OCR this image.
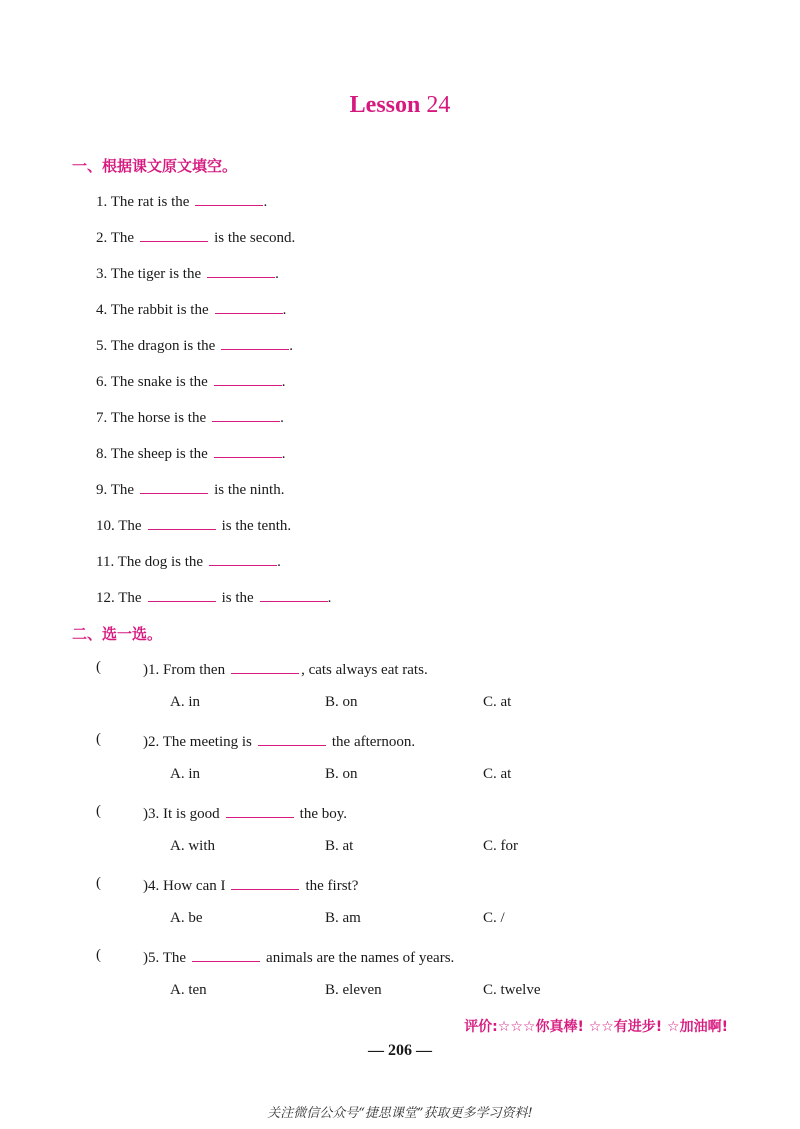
Lesson 24
一、根据课文原文填空。
1. The rat is the	.
2. The	is the second.
3. The tiger is the	.
4. The rabbit is the	.
5. The dragon is the	.
6. The snake is the	.
7. The horse is the	.
8. The sheep is the	.
9. The	is the ninth.
10. The	is the tenth.
11. The dog is the	.
12. The	is the	.
二、选一选。
(	)1. From then	, cats always eat rats.
A. in	B. on	C. at
(	)2. The meeting is	the afternoon.
A. in	B. on	C. at
(	)3. It is good	the boy.
A. with	B. at	C. for
(	)4. How can I	the first?
A. be	B. am	C. /
(	)5. The	animals are the names of years.
A. ten	B. eleven	C. twelve
评价:☆☆☆你真棒! ☆☆有进步! ☆加油啊!
— 206 —
关注微信公众号“捷思课堂”获取更多学习资料!
